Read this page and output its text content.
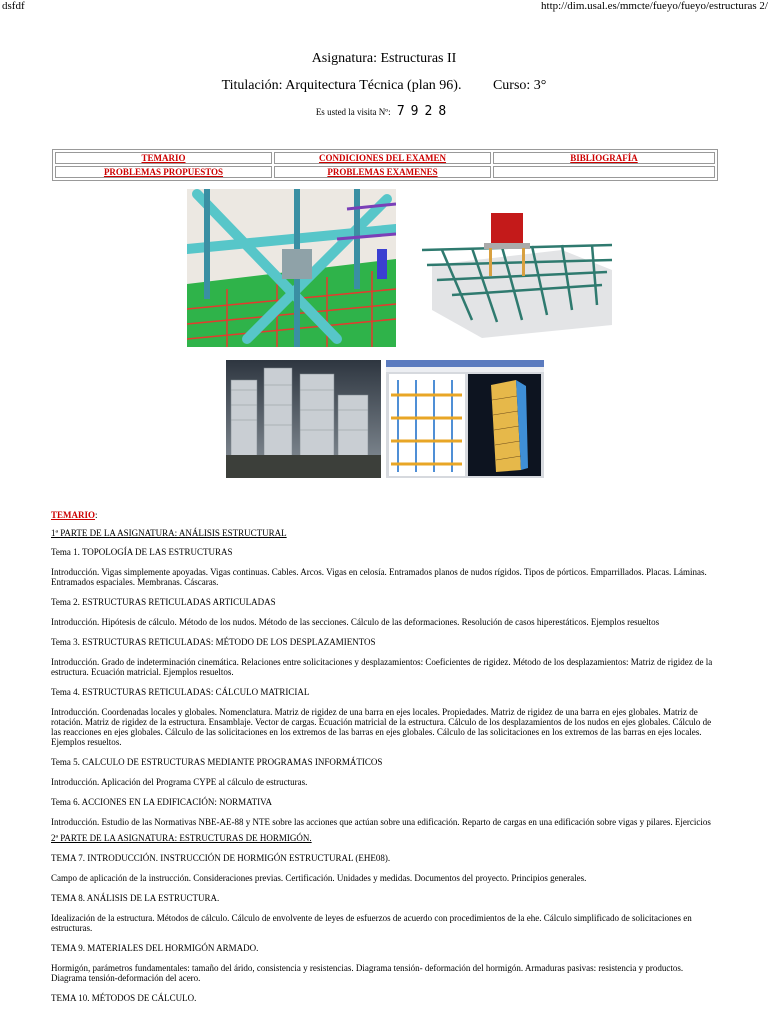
dsfdf	http://dim.usal.es/mmcte/fueyo/fueyo/estructuras 2/
Asignatura: Estructuras II
Titulación: Arquitectura Técnica (plan 96). Curso: 3°
Es usted la visita Nº: 7928
TEMARIO	CONDICIONES DEL EXAMEN	BIBLIOGRAFÍA
PROBLEMAS PROPUESTOS	PROBLEMAS EXAMENES	

TEMARIO:

1ª PARTE DE LA ASIGNATURA: ANÁLISIS ESTRUCTURAL

Tema 1. TOPOLOGÍA DE LAS ESTRUCTURAS

Introducción. Vigas simplemente apoyadas. Vigas continuas. Cables. Arcos. Vigas en celosía. Entramados planos de nudos rígidos. Tipos de pórticos. Emparrillados. Placas. Láminas. Entramados espaciales. Membranas. Cáscaras.

Tema 2. ESTRUCTURAS RETICULADAS ARTICULADAS

Introducción. Hipótesis de cálculo. Método de los nudos. Método de las secciones. Cálculo de las deformaciones. Resolución de casos hiperestáticos. Ejemplos resueltos

Tema 3. ESTRUCTURAS RETICULADAS: MÉTODO DE LOS DESPLAZAMIENTOS

Introducción. Grado de indeterminación cinemática. Relaciones entre solicitaciones y desplazamientos: Coeficientes de rigidez. Método de los desplazamientos: Matriz de rigidez de la estructura. Ecuación matricial. Ejemplos resueltos.

Tema 4. ESTRUCTURAS RETICULADAS: CÁLCULO MATRICIAL

Introducción. Coordenadas locales y globales. Nomenclatura. Matriz de rigidez de una barra en ejes locales. Propiedades. Matriz de rigidez de una barra en ejes globales. Matriz de rotación. Matriz de rigidez de la estructura. Ensamblaje. Vector de cargas. Ecuación matricial de la estructura. Cálculo de los desplazamientos de los nudos en ejes globales. Cálculo de las reacciones en ejes globales. Cálculo de las solicitaciones en los extremos de las barras en ejes globales. Cálculo de las solicitaciones en los extremos de las barras en ejes locales. Ejemplos resueltos.

Tema 5. CALCULO DE ESTRUCTURAS MEDIANTE PROGRAMAS INFORMÁTICOS

Introducción. Aplicación del Programa CYPE al cálculo de estructuras.

Tema 6. ACCIONES EN LA EDIFICACIÓN: NORMATIVA

Introducción. Estudio de las Normativas NBE-AE-88 y NTE sobre las acciones que actúan sobre una edificación. Reparto de cargas en una edificación sobre vigas y pilares. Ejercicios

2ª PARTE DE LA ASIGNATURA: ESTRUCTURAS DE HORMIGÓN.

TEMA 7. INTRODUCCIÓN. INSTRUCCIÓN DE HORMIGÓN ESTRUCTURAL (EHE08).

Campo de aplicación de la instrucción. Consideraciones previas. Certificación. Unidades y medidas. Documentos del proyecto. Principios generales.

TEMA 8. ANÁLISIS DE LA ESTRUCTURA.

Idealización de la estructura. Métodos de cálculo. Cálculo de envolvente de leyes de esfuerzos de acuerdo con procedimientos de la ehe. Cálculo simplificado de solicitaciones en estructuras.

TEMA 9. MATERIALES DEL HORMIGÓN ARMADO.

Hormigón, parámetros fundamentales: tamaño del árido, consistencia y resistencias. Diagrama tensión- deformación del hormigón. Armaduras pasivas: resistencia y productos. Diagrama tensión-deformación del acero.

TEMA 10. MÉTODOS DE CÁLCULO.
